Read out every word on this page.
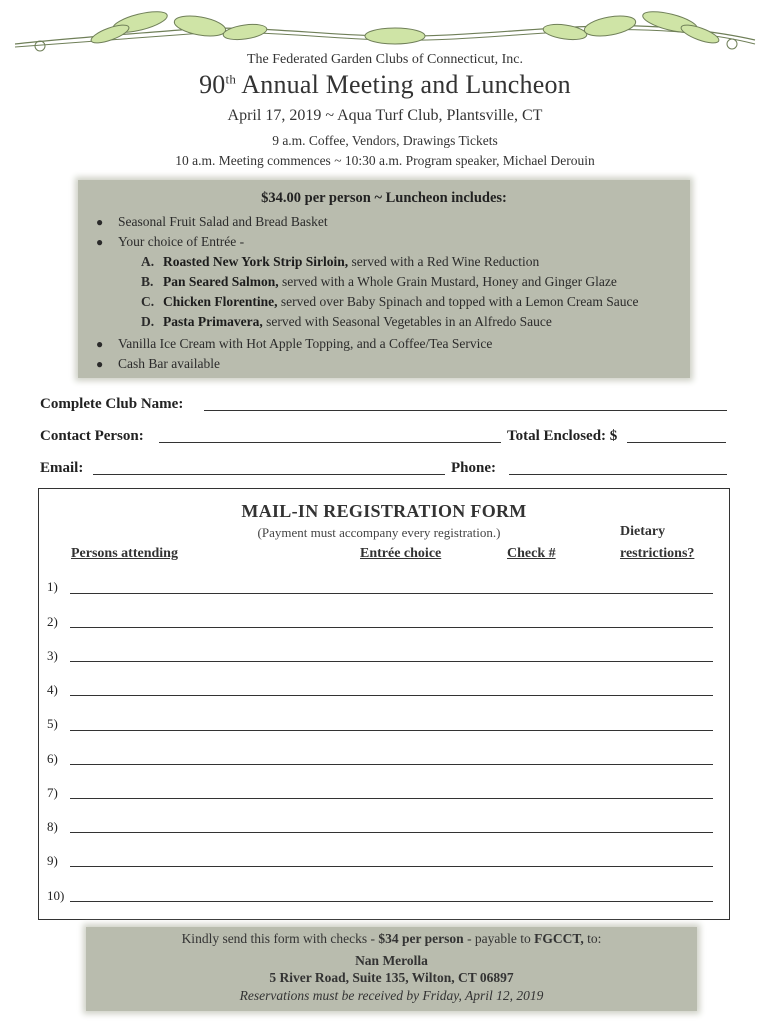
The Federated Garden Clubs of Connecticut, Inc.
90th Annual Meeting and Luncheon
April 17, 2019 ~ Aqua Turf Club, Plantsville, CT
9 a.m. Coffee, Vendors, Drawings Tickets
10 a.m. Meeting commences ~ 10:30 a.m. Program speaker, Michael Derouin
$34.00 per person ~ Luncheon includes:
● Seasonal Fruit Salad and Bread Basket
● Your choice of Entrée -
A. Roasted New York Strip Sirloin, served with a Red Wine Reduction
B. Pan Seared Salmon, served with a Whole Grain Mustard, Honey and Ginger Glaze
C. Chicken Florentine, served over Baby Spinach and topped with a Lemon Cream Sauce
D. Pasta Primavera, served with Seasonal Vegetables in an Alfredo Sauce
● Vanilla Ice Cream with Hot Apple Topping, and a Coffee/Tea Service
● Cash Bar available
Complete Club Name:
Contact Person:	Total Enclosed: $
Email:	Phone:
MAIL-IN REGISTRATION FORM
(Payment must accompany every registration.)	Dietary
Persons attending	Entrée choice	Check #	restrictions?
1)
2)
3)
4)
5)
6)
7)
8)
9)
10)
Kindly send this form with checks - $34 per person - payable to FGCCT, to:
Nan Merolla
5 River Road, Suite 135, Wilton, CT 06897
Reservations must be received by Friday, April 12, 2019
